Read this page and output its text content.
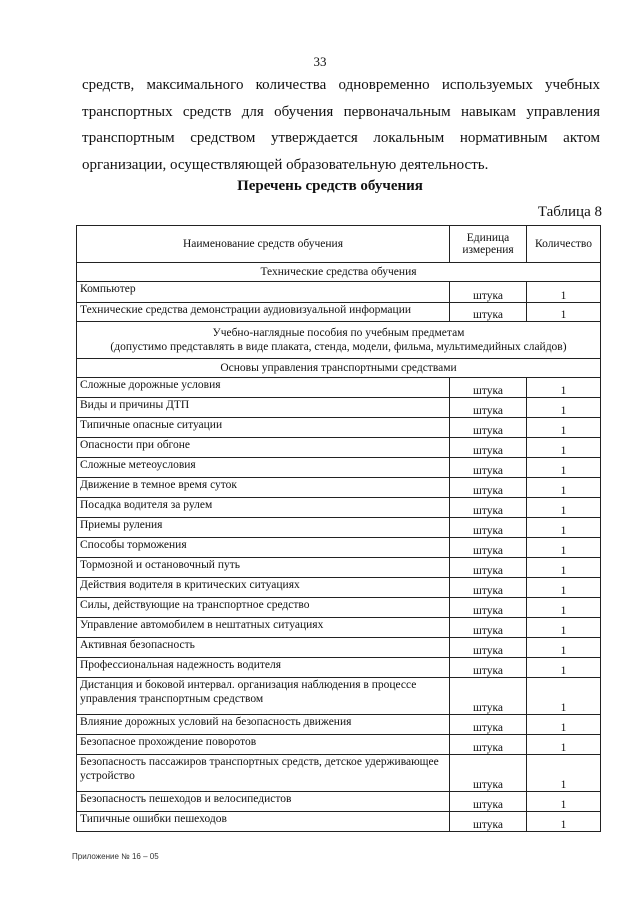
33
средств, максимального количества одновременно используемых учебных транспортных средств для обучения первоначальным навыкам управления транспортным средством утверждается локальным нормативным актом организации, осуществляющей образовательную деятельность.
Перечень средств обучения
Таблица 8
Наименование средств обучения	Единица измерения	Количество
Технические средства обучения		
Компьютер	штука	1
Технические средства демонстрации аудиовизуальной информации	штука	1

Учебно-наглядные пособия по учебным предметам
(допустимо представлять в виде плаката, стенда, модели, фильма, мультимедийных слайдов)		

Основы управления транспортными средствами		
Сложные дорожные условия	штука	1
Виды и причины ДТП	штука	1
Типичные опасные ситуации	штука	1
Опасности при обгоне	штука	1
Сложные метеоусловия	штука	1
Движение в темное время суток	штука	1
Посадка водителя за рулем	штука	1
Приемы руления	штука	1
Способы торможения	штука	1
Тормозной и остановочный путь	штука	1
Действия водителя в критических ситуациях	штука	1
Силы, действующие на транспортное средство	штука	1
Управление автомобилем в нештатных ситуациях	штука	1
Активная безопасность	штука	1
Профессиональная надежность водителя	штука	1
Дистанция и боковой интервал. организация наблюдения в процессе управления транспортным средством	штука	1
Влияние дорожных условий на безопасность движения	штука	1
Безопасное прохождение поворотов	штука	1
Безопасность пассажиров транспортных средств, детское удерживающее устройство	штука	1
Безопасность пешеходов и велосипедистов	штука	1
Типичные ошибки пешеходов	штука	1
Приложение № 16 – 05
